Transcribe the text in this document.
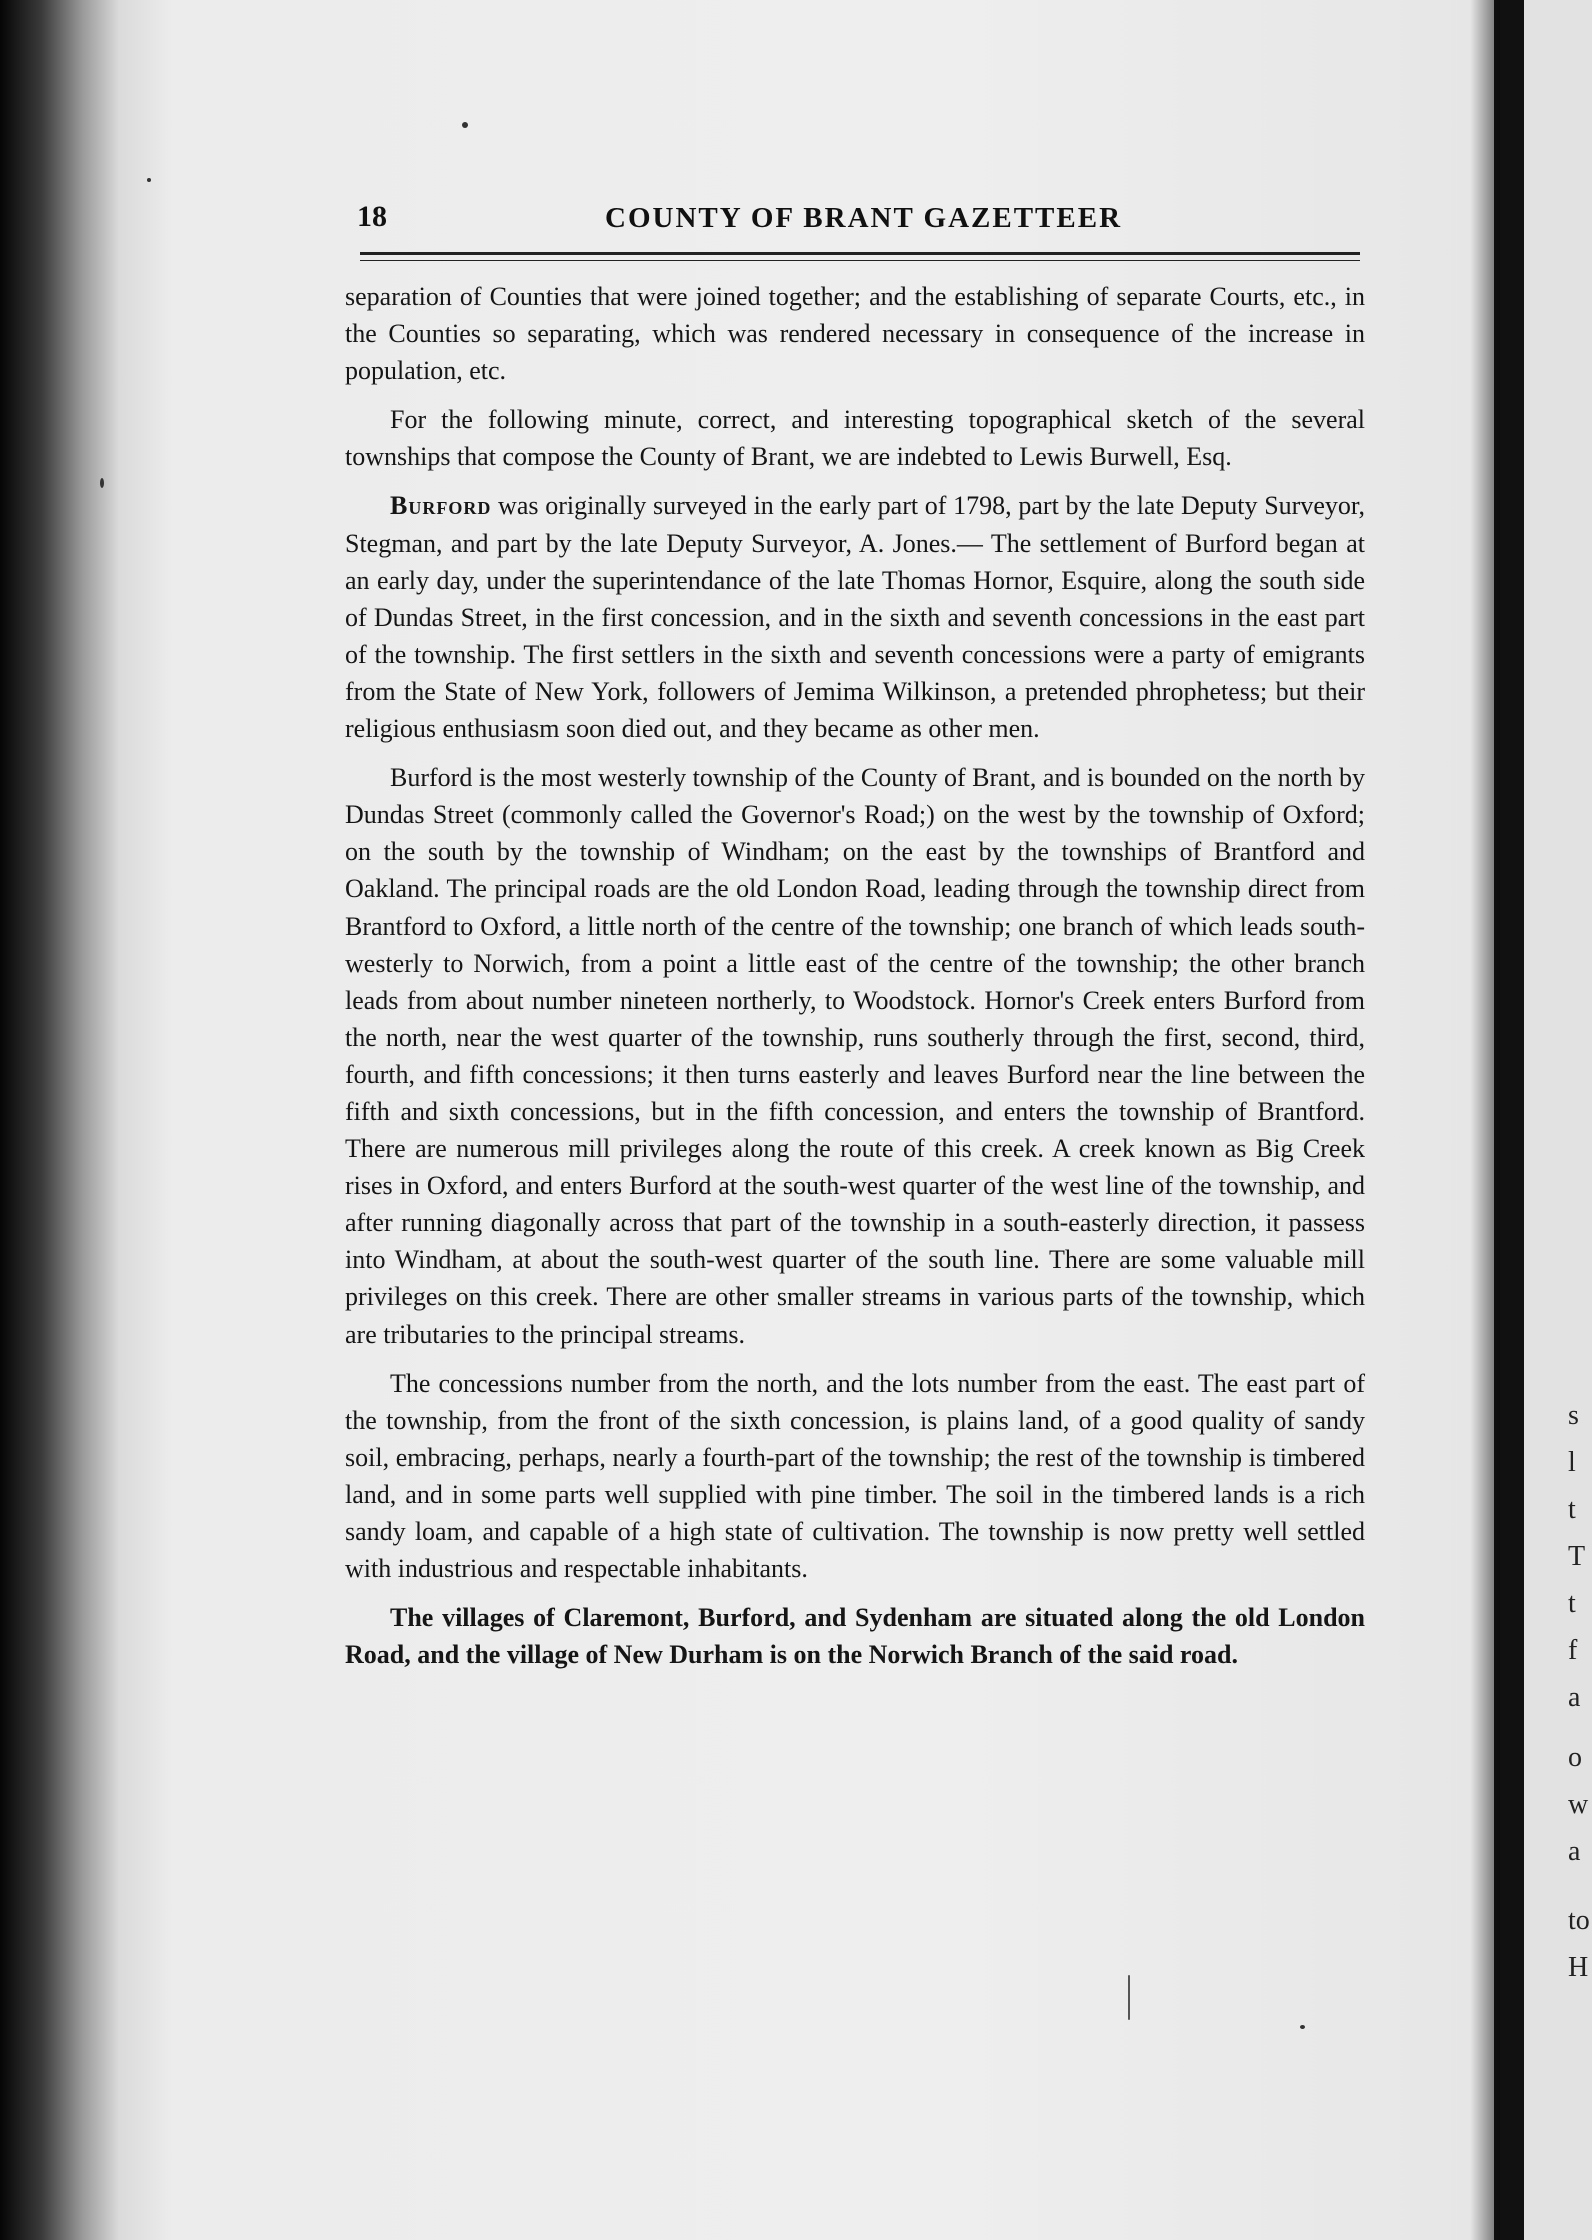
s
l
t
T
t
f
a
o
w
a
to
H
18	COUNTY OF BRANT GAZETTEER

separation of Counties that were joined together; and the establishing of separate Courts, etc., in the Counties so separating, which was rendered necessary in consequence of the increase in population, etc.

For the following minute, correct, and interesting topographical sketch of the several townships that compose the County of Brant, we are indebted to Lewis Burwell, Esq.

Burford was originally surveyed in the early part of 1798, part by the late Deputy Surveyor, Stegman, and part by the late Deputy Surveyor, A. Jones.— The settlement of Burford began at an early day, under the superintendance of the late Thomas Hornor, Esquire, along the south side of Dundas Street, in the first concession, and in the sixth and seventh concessions in the east part of the township. The first settlers in the sixth and seventh concessions were a party of emigrants from the State of New York, followers of Jemima Wilkinson, a pretended phrophetess; but their religious enthusiasm soon died out, and they became as other men.

Burford is the most westerly township of the County of Brant, and is bounded on the north by Dundas Street (commonly called the Governor's Road;) on the west by the township of Oxford; on the south by the township of Windham; on the east by the townships of Brantford and Oakland. The principal roads are the old London Road, leading through the township direct from Brantford to Oxford, a little north of the centre of the township; one branch of which leads south-westerly to Norwich, from a point a little east of the centre of the township; the other branch leads from about number nineteen northerly, to Woodstock. Hornor's Creek enters Burford from the north, near the west quarter of the township, runs southerly through the first, second, third, fourth, and fifth concessions; it then turns easterly and leaves Burford near the line between the fifth and sixth concessions, but in the fifth concession, and enters the township of Brantford. There are numerous mill privileges along the route of this creek. A creek known as Big Creek rises in Oxford, and enters Burford at the south-west quarter of the west line of the township, and after running diagonally across that part of the township in a south-easterly direction, it passess into Windham, at about the south-west quarter of the south line. There are some valuable mill privileges on this creek. There are other smaller streams in various parts of the township, which are tributaries to the principal streams.

The concessions number from the north, and the lots number from the east. The east part of the township, from the front of the sixth concession, is plains land, of a good quality of sandy soil, embracing, perhaps, nearly a fourth-part of the township; the rest of the township is timbered land, and in some parts well supplied with pine timber. The soil in the timbered lands is a rich sandy loam, and capable of a high state of cultivation. The township is now pretty well settled with industrious and respectable inhabitants.

The villages of Claremont, Burford, and Sydenham are situated along the old London Road, and the village of New Durham is on the Norwich Branch of the said road.
